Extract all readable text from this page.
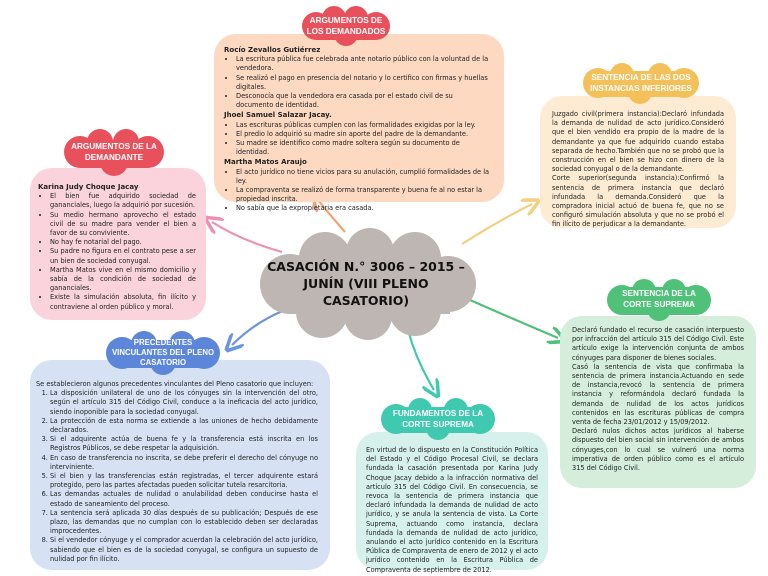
CASACIÓN N.° 3006 – 2015 – JUNÍN (VIII PLENO CASATORIO)
Rocío Zevallos Gutiérrez
• La escritura pública fue celebrada ante notario público con la voluntad de la vendedora.
• Se realizó el pago en presencia del notario y lo certifico con firmas y huellas digitales.
• Desconocía que la vendedora era casada por el estado civil de su documento de identidad.
Jhoel Samuel Salazar Jacay.
• Las escrituras públicas cumplen con las formalidades exigidas por la ley.
• El predio lo adquirió su madre sin aporte del padre de la demandante.
• Su madre se identifico como madre soltera según su documento de identidad.
Martha Matos Araujo
• El acto jurídico no tiene vicios para su anulación, cumplió formalidades de la ley.
• La compraventa se realizó de forma transparente y buena fe al no estar la propiedad inscrita.
• No sabía que la expropietaria era casada.
ARGUMENTOS DE LOS DEMANDADOS
Karina Judy Choque Jacay
• El bien fue adquirido sociedad de gananciales, luego la adquirió por sucesión.
• Su medio hermano aprovecho el estado civil de su madre para vender el bien a favor de su conviviente.
• No hay fe notarial del pago.
• Su padre no figura en el contrato pese a ser un bien de sociedad conyugal.
• Martha Matos vive en el mismo domicilio y sabía de la condición de sociedad de gananciales.
• Existe la simulación absoluta, fin ilícito y contraviene al orden público y moral.
ARGUMENTOS DE LA DEMANDANTE

Juzgado civil(primera instancia):Declaró infundada la demanda de nulidad de acto jurídico.Consideró que el bien vendido era propio de la madre de la demandante ya que fue adquirido cuando estaba separada de hecho.También que no se probó que la construcción en el bien se hizo con dinero de la sociedad conyugal o de la demandante.

Corte superior(segunda instancia):Confirmó la sentencia de primera instancia que declaró infundada la demanda.Consideró que la compradora inicial actuó de buena fe, que no se configuró simulación absoluta y que no se probó el fin ilícito de perjudicar a la demandante.

SENTENCIA DE LAS DOS INSTANCIAS INFERIORES

Declaró fundado el recurso de casación interpuesto por infracción del artículo 315 del Código Civil. Este artículo exige la intervención conjunta de ambos cónyuges para disponer de bienes sociales.

Casó la sentencia de vista que confirmaba la sentencia de primera instancia.Actuando en sede de instancia,revocó la sentencia de primera instancia y reformándola declaró fundada la demanda de nulidad de los actos jurídicos contenidos en las escrituras públicas de compra venta de fecha 23/01/2012 y 15/09/2012.

Declaró nulos dichos actos jurídicos al haberse dispuesto del bien social sin intervención de ambos cónyuges,con lo cual se vulneró una norma imperativa de orden público como es el artículo 315 del Código Civil.

SENTENCIA DE LA CORTE SUPREMA

En virtud de lo dispuesto en la Constitución Política del Estado y el Código Procesal Civil, se declara fundada la casación presentada por Karina Judy Choque Jacay debido a la infracción normativa del artículo 315 del Código Civil. En consecuencia, se revoca la sentencia de primera instancia que declaró infundada la demanda de nulidad de acto jurídico, y se anula la sentencia de vista. La Corte Suprema, actuando como instancia, declara fundada la demanda de nulidad de acto jurídico, anulando el acto jurídico contenido en la Escritura Pública de Compraventa de enero de 2012 y el acto jurídico contenido en la Escritura Pública de Compraventa de septiembre de 2012.

FUNDAMENTOS DE LA CORTE SUPREMA

Se establecieron algunos precedentes vinculantes del Pleno casatorio que incluyen:

1. La disposición unilateral de uno de los cónyuges sin la intervención del otro, según el artículo 315 del Código Civil, conduce a la ineficacia del acto jurídico, siendo inoponible para la sociedad conyugal.
2. La protección de esta norma se extiende a las uniones de hecho debidamente declarados.
3. Si el adquirente actúa de buena fe y la transferencia está inscrita en los Registros Públicos, se debe respetar la adquisición.
4. En caso de transferencia no inscrita, se debe preferir el derecho del cónyuge no interviniente.
5. Si el bien y las transferencias están registradas, el tercer adquirente estará protegido, pero las partes afectadas pueden solicitar tutela resarcitoria.
6. Las demandas actuales de nulidad o anulabilidad deben conducirse hasta el estado de saneamiento del proceso.
7. La sentencia será aplicada 30 días después de su publicación; Después de ese plazo, las demandas que no cumplan con lo establecido deben ser declaradas improcedentes.
8. Si el vendedor cónyuge y el comprador acuerdan la celebración del acto jurídico, sabiendo que el bien es de la sociedad conyugal, se configura un supuesto de nulidad por fin ilícito.
PRECEDENTES VINCULANTES DEL PLENO CASATORIO
